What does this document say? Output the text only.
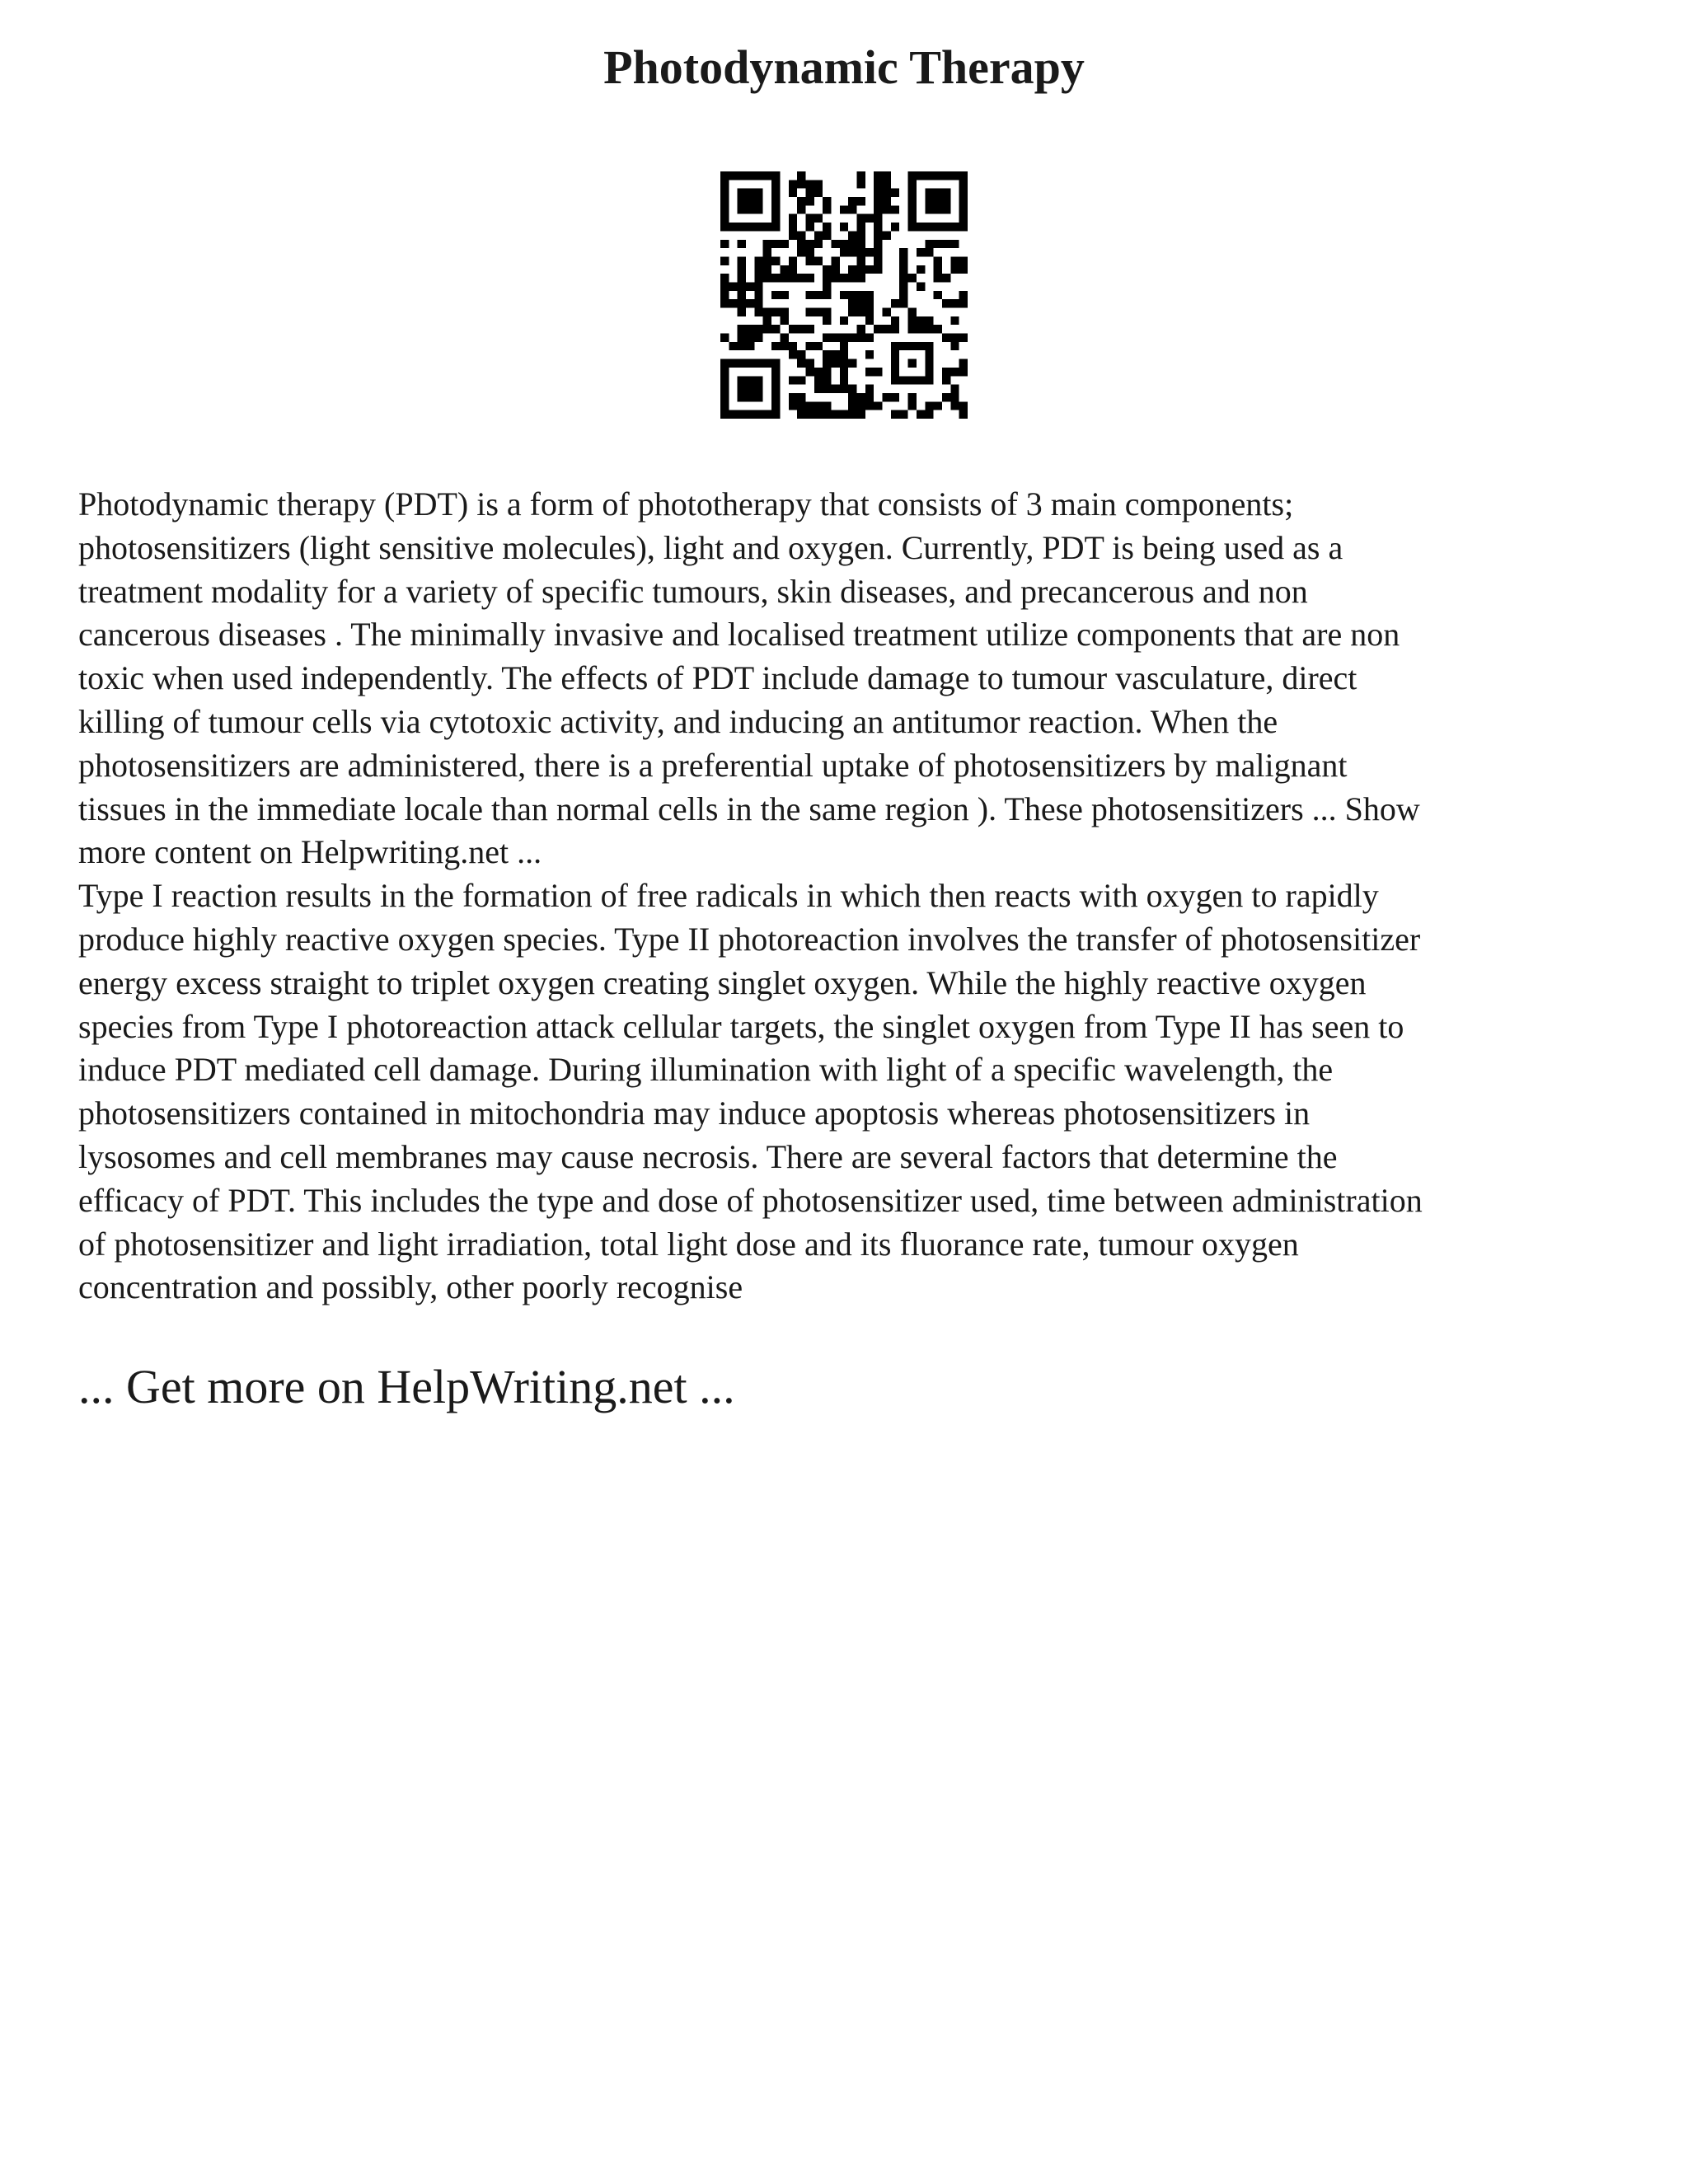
Photodynamic Therapy

Photodynamic therapy (PDT) is a form of phototherapy that consists of 3 main components;
photosensitizers (light sensitive molecules), light and oxygen. Currently, PDT is being used as a
treatment modality for a variety of specific tumours, skin diseases, and precancerous and non
cancerous diseases . The minimally invasive and localised treatment utilize components that are non
toxic when used independently. The effects of PDT include damage to tumour vasculature, direct
killing of tumour cells via cytotoxic activity, and inducing an antitumor reaction. When the
photosensitizers are administered, there is a preferential uptake of photosensitizers by malignant
tissues in the immediate locale than normal cells in the same region ). These photosensitizers ... Show
more content on Helpwriting.net ...

Type I reaction results in the formation of free radicals in which then reacts with oxygen to rapidly
produce highly reactive oxygen species. Type II photoreaction involves the transfer of photosensitizer
energy excess straight to triplet oxygen creating singlet oxygen. While the highly reactive oxygen
species from Type I photoreaction attack cellular targets, the singlet oxygen from Type II has seen to
induce PDT mediated cell damage. During illumination with light of a specific wavelength, the
photosensitizers contained in mitochondria may induce apoptosis whereas photosensitizers in
lysosomes and cell membranes may cause necrosis. There are several factors that determine the
efficacy of PDT. This includes the type and dose of photosensitizer used, time between administration
of photosensitizer and light irradiation, total light dose and its fluorance rate, tumour oxygen
concentration and possibly, other poorly recognise

... Get more on HelpWriting.net ...
